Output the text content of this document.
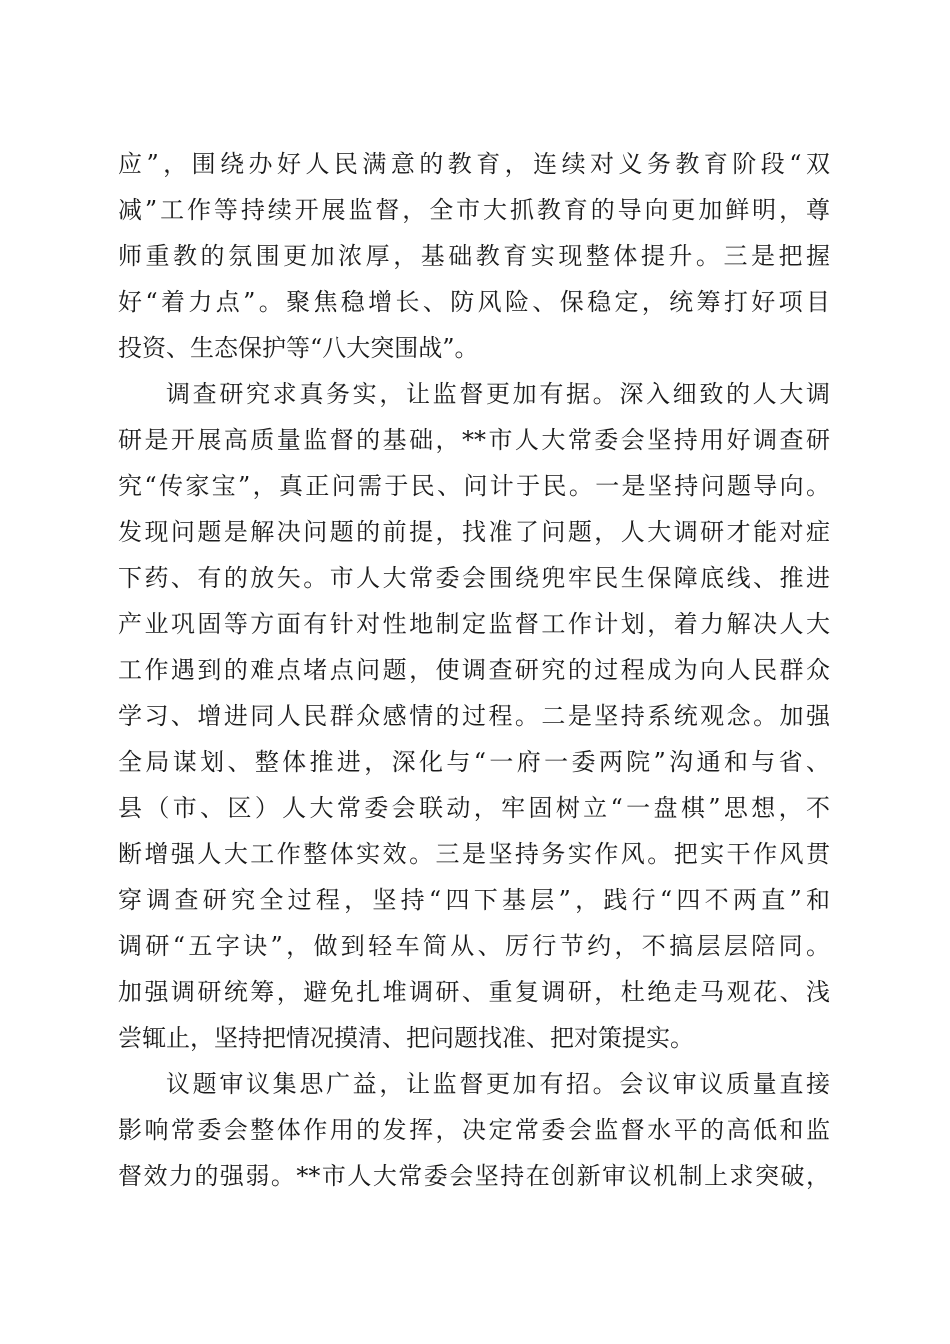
应”，围绕办好人民满意的教育，连续对义务教育阶段“双
减”工作等持续开展监督，全市大抓教育的导向更加鲜明，尊
师重教的氛围更加浓厚，基础教育实现整体提升。三是把握
好“着力点”。聚焦稳增长、防风险、保稳定，统筹打好项目
投资、生态保护等“八大突围战”。
调查研究求真务实，让监督更加有据。深入细致的人大调
研是开展高质量监督的基础，**市人大常委会坚持用好调查研
究“传家宝”，真正问需于民、问计于民。一是坚持问题导向。
发现问题是解决问题的前提，找准了问题，人大调研才能对症
下药、有的放矢。市人大常委会围绕兜牢民生保障底线、推进
产业巩固等方面有针对性地制定监督工作计划，着力解决人大
工作遇到的难点堵点问题，使调查研究的过程成为向人民群众
学习、增进同人民群众感情的过程。二是坚持系统观念。加强
全局谋划、整体推进，深化与“一府一委两院”沟通和与省、
县（市、区）人大常委会联动，牢固树立“一盘棋”思想，不
断增强人大工作整体实效。三是坚持务实作风。把实干作风贯
穿调查研究全过程，坚持“四下基层”，践行“四不两直”和
调研“五字诀”，做到轻车简从、厉行节约，不搞层层陪同。
加强调研统筹，避免扎堆调研、重复调研，杜绝走马观花、浅
尝辄止，坚持把情况摸清、把问题找准、把对策提实。
议题审议集思广益，让监督更加有招。会议审议质量直接
影响常委会整体作用的发挥，决定常委会监督水平的高低和监
督效力的强弱。**市人大常委会坚持在创新审议机制上求突破，
